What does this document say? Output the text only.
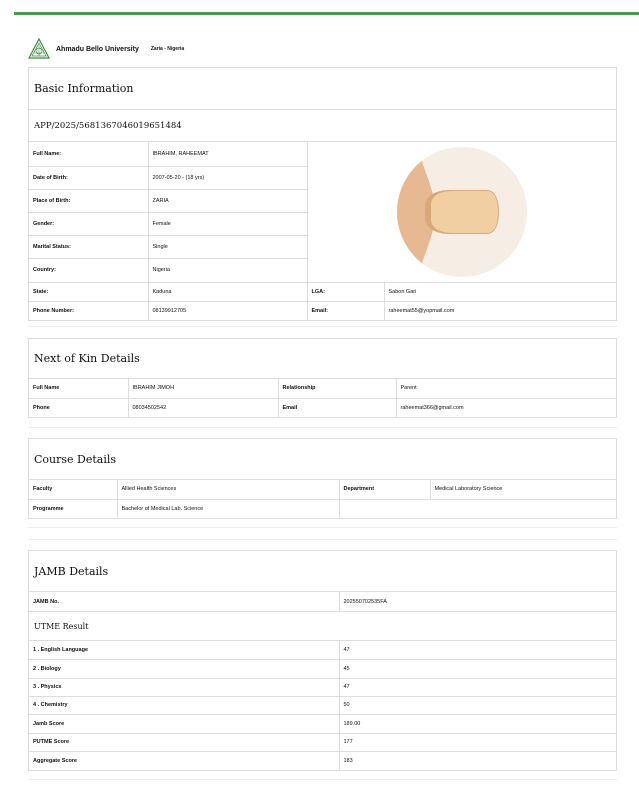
Ahmadu Bello University Zaria - Nigeria
Basic Information
APP/2025/5681367046019651484
Full Name:	IBRAHIM, RAHEEMAT	

Date of Birth:	2007-05-20 - (18 yrs)		
Place of Birth:	ZARIA		
Gender:	Female		
Marital Status:	Single		
Country:	Nigeria		
State:	Kaduna	LGA:	Sabon Gari
Phone Number:	08139912705	Email:	raheemat55@yopmail.com
Next of Kin Details
Full Name	IBRAHIM JIMOH	Relationship	Parent
Phone	08034502542	Email	raheemat366@gmail.com
Course Details
Faculty	Allied Health Sciences	Department	Medical Laboratory Science
Programme	Bachelor of Medical Lab. Science		
JAMB Details
JAMB No.	202550702535FA
UTME Result
1 . English Language	47
2 . Biology	45
3 . Physics	47
4 . Chemistry	50
Jamb Score	189.00
PUTME Score	177
Aggregate Score	183
